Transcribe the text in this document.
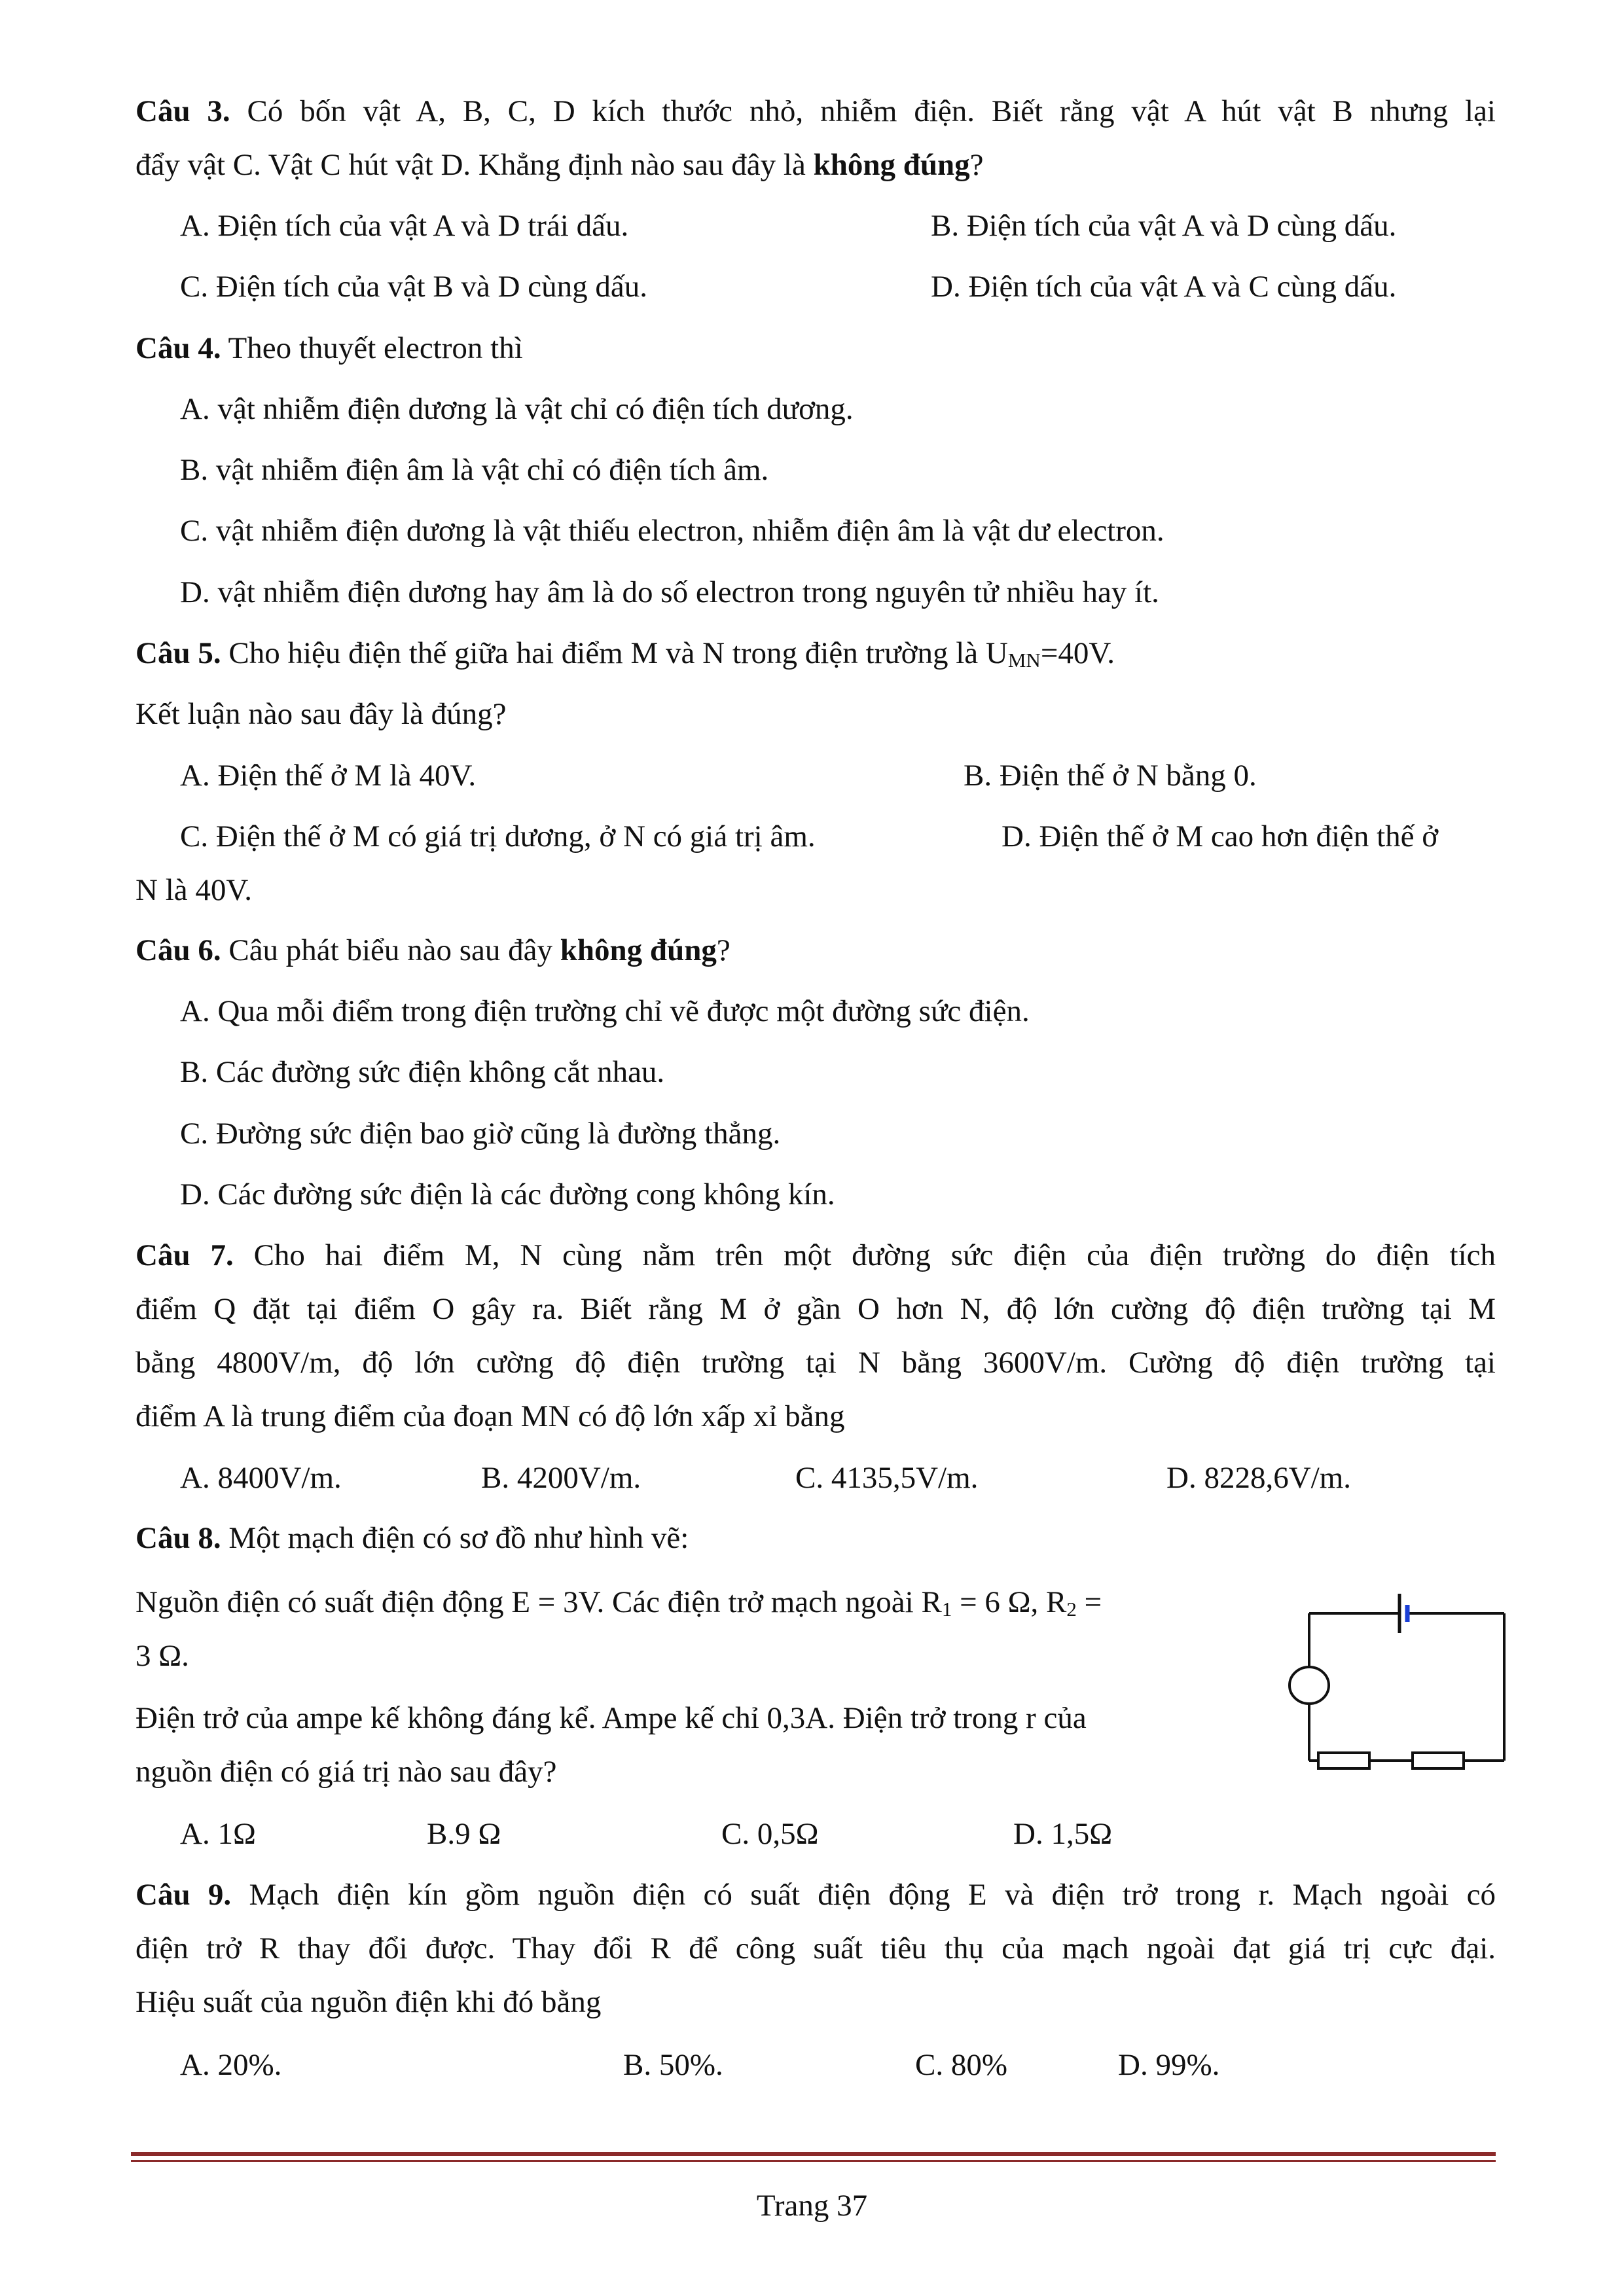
Câu 3. Có bốn vật A, B, C, D kích thước nhỏ, nhiễm điện. Biết rằng vật A hút vật B nhưng lại
đẩy vật C. Vật C hút vật D. Khẳng định nào sau đây là không đúng?
A. Điện tích của vật A và D trái dấu.	B. Điện tích của vật A và D cùng dấu.
C. Điện tích của vật B và D cùng dấu.	D. Điện tích của vật A và C cùng dấu.
Câu 4. Theo thuyết electron thì
A. vật nhiễm điện dương là vật chỉ có điện tích dương.
B. vật nhiễm điện âm là vật chỉ có điện tích âm.
C. vật nhiễm điện dương là vật thiếu electron, nhiễm điện âm là vật dư electron.
D. vật nhiễm điện dương hay âm là do số electron trong nguyên tử nhiều hay ít.
Câu 5. Cho hiệu điện thế giữa hai điểm M và N trong điện trường là UMN=40V.
Kết luận nào sau đây là đúng?
A. Điện thế ở M là 40V.	B. Điện thế ở N bằng 0.
C. Điện thế ở M có giá trị dương, ở N có giá trị âm.	D. Điện thế ở M cao hơn điện thế ở
N là 40V.
Câu 6. Câu phát biểu nào sau đây không đúng?
A. Qua mỗi điểm trong điện trường chỉ vẽ được một đường sức điện.
B. Các đường sức điện không cắt nhau.
C. Đường sức điện bao giờ cũng là đường thẳng.
D. Các đường sức điện là các đường cong không kín.
Câu 7. Cho hai điểm M, N cùng nằm trên một đường sức điện của điện trường do điện tích
điểm Q đặt tại điểm O gây ra. Biết rằng M ở gần O hơn N, độ lớn cường độ điện trường tại M
bằng 4800V/m, độ lớn cường độ điện trường tại N bằng 3600V/m. Cường độ điện trường tại
điểm A là trung điểm của đoạn MN có độ lớn xấp xỉ bằng
A. 8400V/m.	B. 4200V/m.	C. 4135,5V/m.	D. 8228,6V/m.
Câu 8. Một mạch điện có sơ đồ như hình vẽ:
Nguồn điện có suất điện động E = 3V. Các điện trở mạch ngoài R1 = 6 Ω, R2 =
3 Ω.
Điện trở của ampe kế không đáng kể. Ampe kế chỉ 0,3A. Điện trở trong r của
nguồn điện có giá trị nào sau đây?
A. 1Ω	B.9 Ω	C. 0,5Ω	D. 1,5Ω
Câu 9. Mạch điện kín gồm nguồn điện có suất điện động E và điện trở trong r. Mạch ngoài có
điện trở R thay đổi được. Thay đổi R để công suất tiêu thụ của mạch ngoài đạt giá trị cực đại.
Hiệu suất của nguồn điện khi đó bằng
A. 20%.	B. 50%.	C. 80%	D. 99%.
Trang 37
